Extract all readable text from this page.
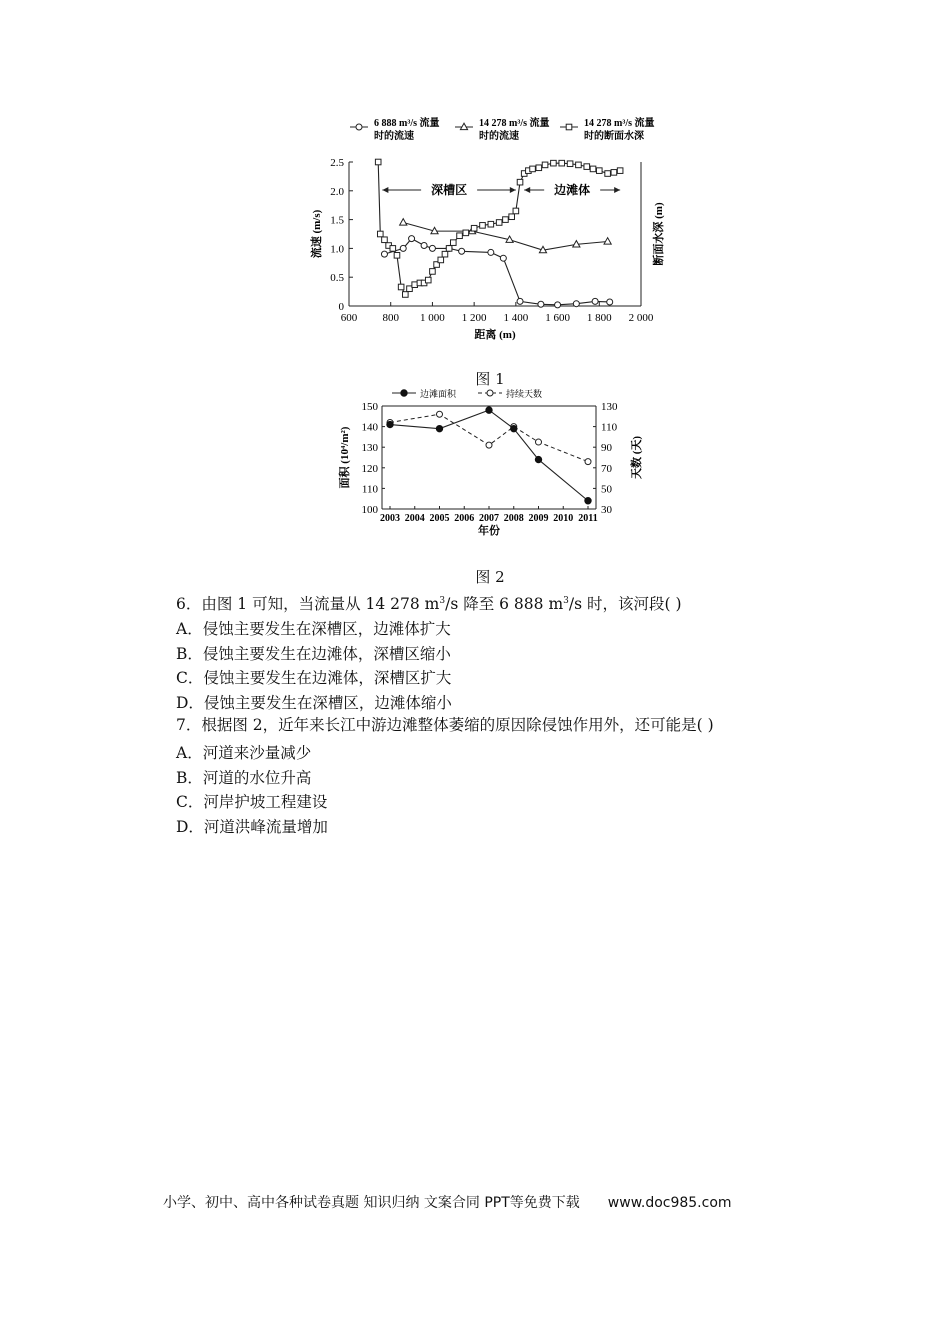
6 888 m³/s 流量
时的流速
14 278 m³/s 流量
时的流速
14 278 m³/s 流量
时的断面水深
600 800 1 000 1 200 1 400 1 600 1 800 2 000
0
0.5
1.0
1.5
2.0
2.5
距离 (m)
流速 (m/s)	断面水深 (m)
深槽区	边滩体
图 1
边滩面积	持续天数
2003 2004 2005 2006 2007 2008 2009 2010 2011
100
110
120
130
140
150
30
50
70
90
110
130
年份
面积 (10⁴/m²)	天数 (天)
图 2
6．由图 1 可知，当流量从 14 278 $m^3/s$ 降至 6 888 $m^3/s$ 时，该河段( )
A．侵蚀主要发生在深槽区，边滩体扩大
B．侵蚀主要发生在边滩体，深槽区缩小
C．侵蚀主要发生在边滩体，深槽区扩大
D．侵蚀主要发生在深槽区，边滩体缩小
7．根据图 2，近年来长江中游边滩整体萎缩的原因除侵蚀作用外，还可能是( )
A．河道来沙量减少
B．河道的水位升高
C．河岸护坡工程建设
D．河道洪峰流量增加
小学、初中、高中各种试卷真题 知识归纳 文案合同 PPT等免费下载 www.doc985.com
